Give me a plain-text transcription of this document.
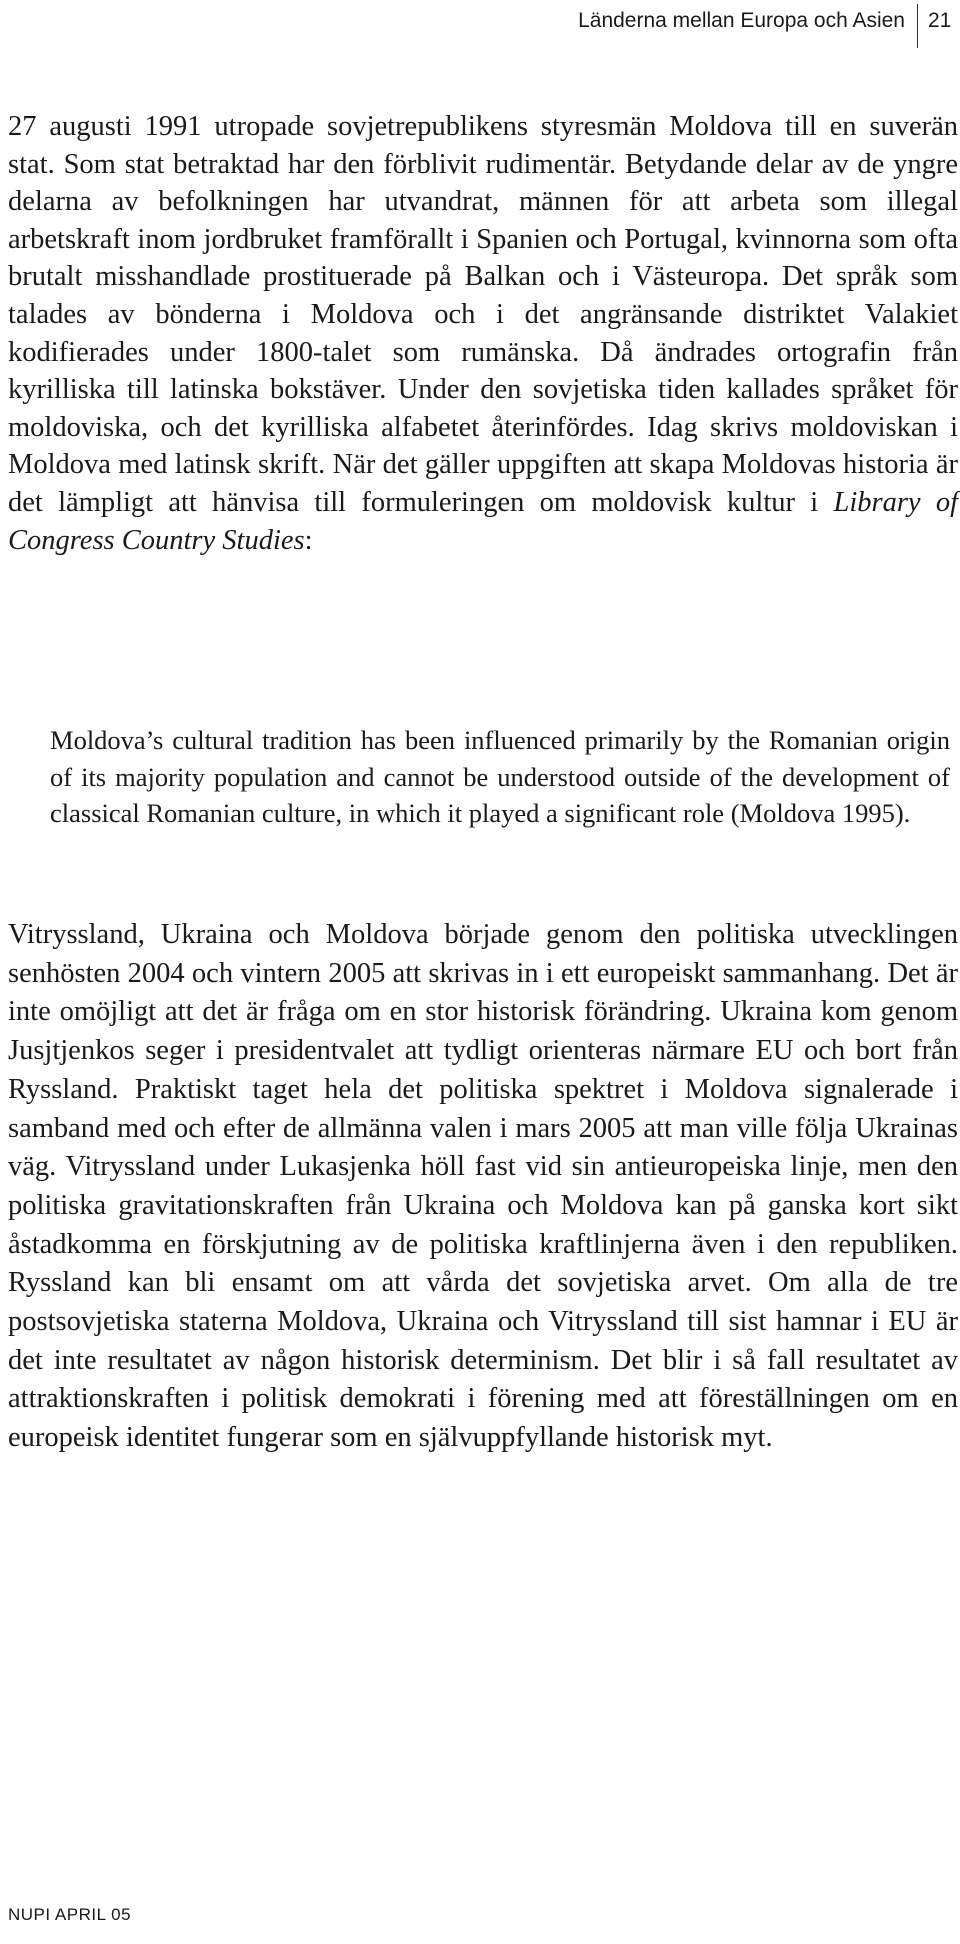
Länderna mellan Europa och Asien	21

27 augusti 1991 utropade sovjetrepublikens styresmän Moldova till en suverän stat. Som stat betraktad har den förblivit rudimentär. Betydande delar av de yngre delarna av befolkningen har utvandrat, männen för att arbeta som illegal arbetskraft inom jordbruket framförallt i Spanien och Portugal, kvinnorna som ofta brutalt misshandlade prostituerade på Balkan och i Västeuropa. Det språk som talades av bönderna i Moldova och i det angränsande distriktet Valakiet kodifierades under 1800-talet som rumänska. Då ändrades ortografin från kyrilliska till latinska bokstäver. Under den sovjetiska tiden kallades språket för moldoviska, och det kyrilliska alfabetet återinfördes. Idag skrivs moldoviskan i Moldova med latinsk skrift. När det gäller uppgiften att skapa Moldovas historia är det lämpligt att hänvisa till formuleringen om moldovisk kultur i Library of Congress Country Studies:

Moldova’s cultural tradition has been influenced primarily by the Romanian origin of its majority population and cannot be understood outside of the development of classical Romanian culture, in which it played a significant role (Moldova 1995).

Vitryssland, Ukraina och Moldova började genom den politiska utvecklingen senhösten 2004 och vintern 2005 att skrivas in i ett europeiskt sammanhang. Det är inte omöjligt att det är fråga om en stor historisk förändring. Ukraina kom genom Jusjtjenkos seger i presidentvalet att tydligt orienteras närmare EU och bort från Ryssland. Praktiskt taget hela det politiska spektret i Moldova signalerade i samband med och efter de allmänna valen i mars 2005 att man ville följa Ukrainas väg. Vitryssland under Lukasjenka höll fast vid sin antieuropeiska linje, men den politiska gravitationskraften från Ukraina och Moldova kan på ganska kort sikt åstadkomma en förskjutning av de politiska kraftlinjerna även i den republiken. Ryssland kan bli ensamt om att vårda det sovjetiska arvet. Om alla de tre postsovjetiska staterna Moldova, Ukraina och Vitryssland till sist hamnar i EU är det inte resultatet av någon historisk determinism. Det blir i så fall resultatet av attraktionskraften i politisk demokrati i förening med att föreställningen om en europeisk identitet fungerar som en självuppfyllande historisk myt.

NUPI APRIL 05
